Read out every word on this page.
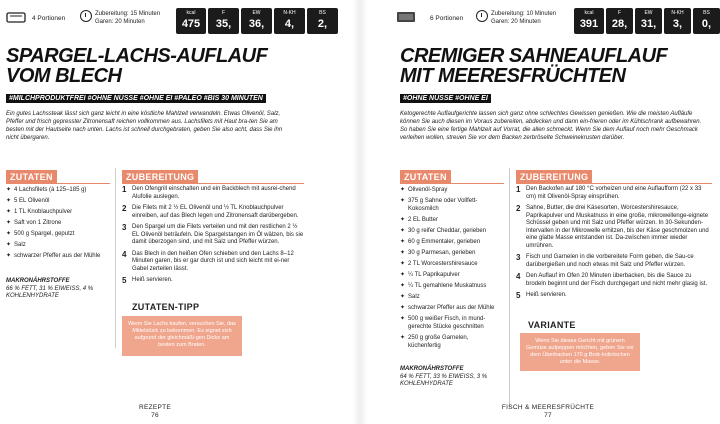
4 Portionen
Zubereitung: 15 Minuten
Garen: 20 Minuten
kcal
475
F
35,
EW
36,
N-KH
4,
BS
2,
SPARGEL-LACHS-AUFLAUF
VOM BLECH
#MILCHPRODUKTFREI #OHNE NÜSSE #OHNE EI #PALEO #BIS 30 MINUTEN
Ein gutes Lachssteak lässt sich ganz leicht in eine köstliche Mahlzeit verwandeln. Etwas Olivenöl, Salz, Pfeffer und frisch gepresster Zitronensaft reichen vollkommen aus. Lachsfilets mit Haut bra-ten Sie am besten mit der Hautseite nach unten. Lachs ist schnell durchgebraten, geben Sie also acht, dass Sie ihn nicht übergaren.
ZUTATEN
✦ 4 Lachsfilets (à 125–185 g)
✦ 5 EL Olivenöl
✦ 1 TL Knoblauchpulver
✦ Saft von 1 Zitrone
✦ 500 g Spargel, geputzt
✦ Salz
✦ schwarzer Pfeffer aus der Mühle
MAKRONÄHRSTOFFE
66 % FETT, 31 % EIWEISS, 4 % KOHLENHYDRATE
ZUBEREITUNG
1 Den Ofengrill einschalten und ein Backblech mit ausrei-chend Alufolie auslegen.
2 Die Filets mit 2 ½ EL Olivenöl und ½ TL Knoblauchpulver einreiben, auf das Blech legen und Zitronensaft darübergeben.
3 Den Spargel um die Filets verteilen und mit den restlichen 2 ½ EL Olivenöl beträufeln. Die Spargelstangen im Öl wälzen, bis sie damit überzogen sind, und mit Salz und Pfeffer würzen.
4 Das Blech in den heißen Ofen schieben und den Lachs 8–12 Minuten garen, bis er gar durch ist und sich leicht mit ei-ner Gabel zerteilen lässt.
5 Heiß servieren.
ZUTATEN-TIPP
Wenn Sie Lachs kaufen, versuchen Sie, das Mittelstück zu bekommen. Es eignet sich aufgrund der gleichmäßi-gen Dicke am besten zum Braten.
REZEPTE
76
6 Portionen
Zubereitung: 10 Minuten
Garen: 20 Minuten
kcal
391
F
28,
EW
31,
N-KH
3,
BS
0,
CREMIGER SAHNEAUFLAUF
MIT MEERESFRÜCHTEN
#OHNE NÜSSE #OHNE EI
Ketogerechte Auflaufgerichte lassen sich ganz ohne schlechtes Gewissen genießen. Wie die meisten Aufläufe können Sie auch diesen im Voraus zubereiten, abdecken und dann ein-frieren oder im Kühlschrank aufbewahren. So haben Sie eine fertige Mahlzeit auf Vorrat, die allen schmeckt. Wenn Sie dem Auflauf noch mehr Geschmack verleihen wollen, streuen Sie vor dem Backen zerbröselte Schweinekrusten darüber.
ZUTATEN
✦ Olivenöl-Spray
✦ 375 g Sahne oder Vollfett-Kokosmilch
✦ 2 EL Butter
✦ 30 g reifer Cheddar, gerieben
✦ 60 g Emmentaler, gerieben
✦ 30 g Parmesan, gerieben
✦ 2 TL Worcestershiresauce
✦ ¼ TL Paprikapulver
✦ ¼ TL gemahlene Muskatnuss
✦ Salz
✦ schwarzer Pfeffer aus der Mühle
✦ 500 g weißer Fisch, in mund-gerechte Stücke geschnitten
✦ 250 g große Garnelen, küchenfertig
MAKRONÄHRSTOFFE
64 % FETT, 33 % EIWEISS, 3 % KOHLENHYDRATE
ZUBEREITUNG
1 Den Backofen auf 180 °C vorheizen und eine Auflaufform (22 x 33 cm) mit Olivenöl-Spray einsprühen.
2 Sahne, Butter, die drei Käsesorten, Worcestershiresauce, Paprikapulver und Muskatnuss in eine große, mikrowellenge-eignete Schüssel geben und mit Salz und Pfeffer würzen. In 30-Sekunden-Intervallen in der Mikrowelle erhitzen, bis der Käse geschmolzen und eine glatte Masse entstanden ist. Da-zwischen immer wieder umrühren.
3 Fisch und Garnelen in die vorbereitete Form geben, die Sau-ce darübergießen und noch etwas mit Salz und Pfeffer würzen.
4 Den Auflauf im Ofen 20 Minuten überbacken, bis die Sauce zu brodeln beginnt und der Fisch durchgegart und nicht mehr glasig ist.
5 Heiß servieren.
VARIANTE
Wenn Sie dieses Gericht mit grünem Gemüse aufpeppen möchten, geben Sie vor dem Überbacken 170 g Brok-koliröschen unter die Masse.
FISCH & MEERESFRÜCHTE
77
